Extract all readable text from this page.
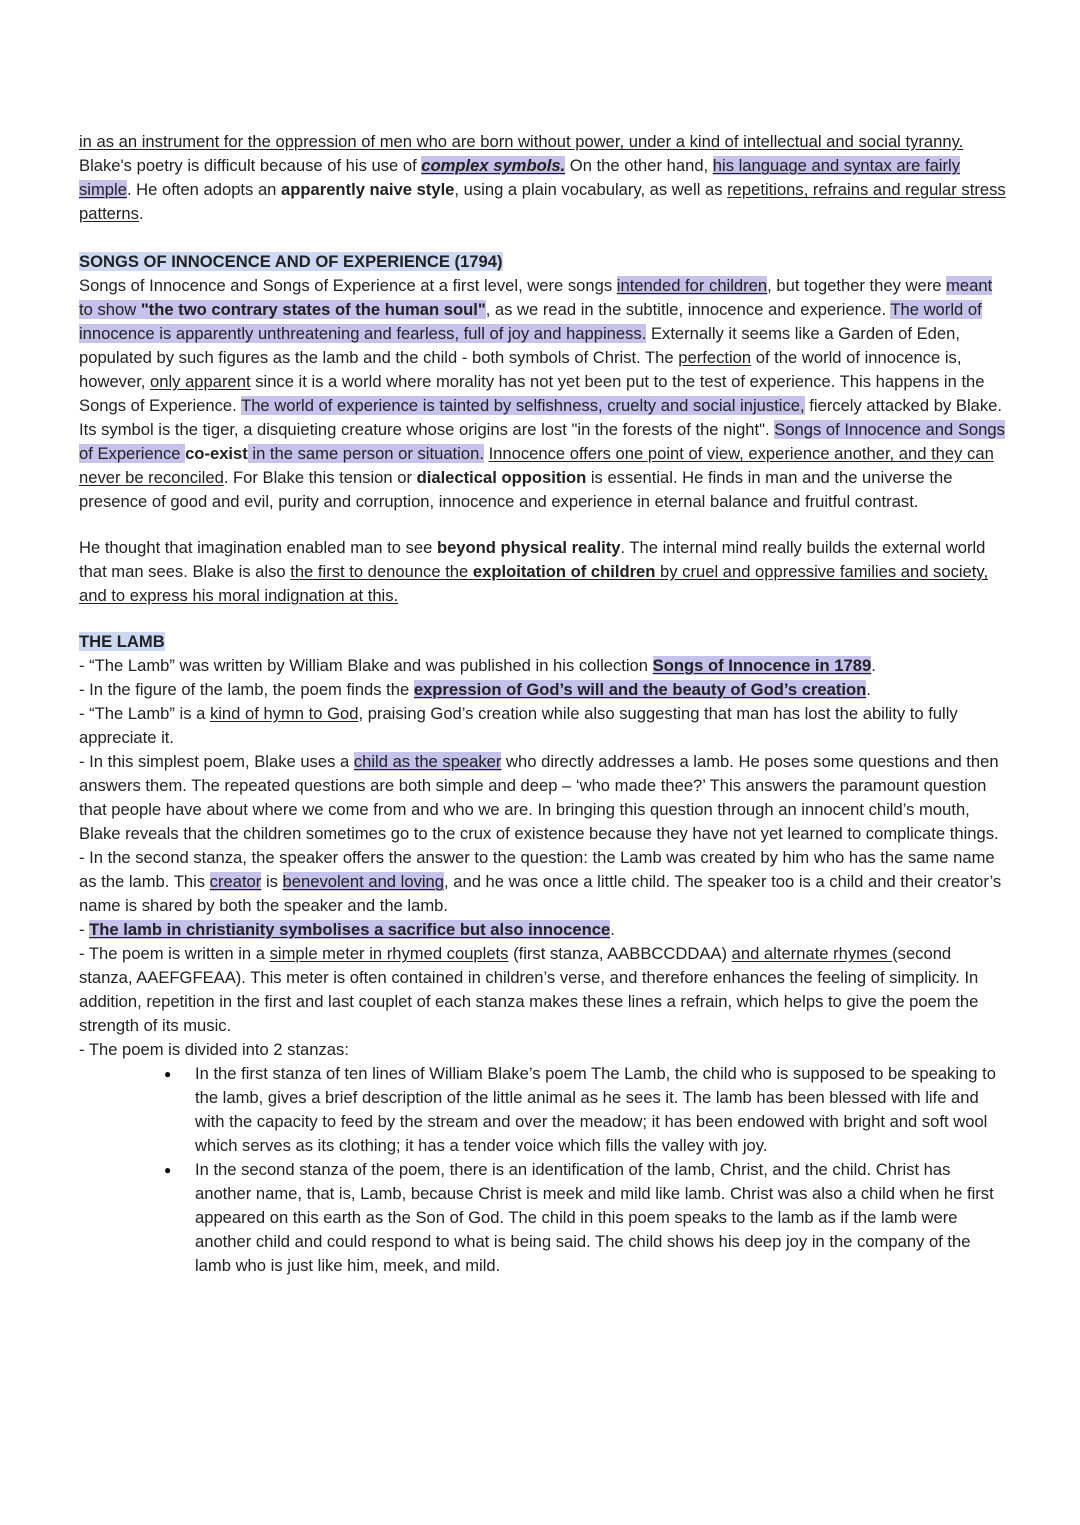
in as an instrument for the oppression of men who are born without power, under a kind of intellectual and social tyranny. Blake's poetry is difficult because of his use of complex symbols. On the other hand, his language and syntax are fairly simple. He often adopts an apparently naive style, using a plain vocabulary, as well as repetitions, refrains and regular stress patterns.

SONGS OF INNOCENCE AND OF EXPERIENCE (1794)

Songs of Innocence and Songs of Experience at a first level, were songs intended for children, but together they were meant to show "the two contrary states of the human soul", as we read in the subtitle, innocence and experience. The world of innocence is apparently unthreatening and fearless, full of joy and happiness. Externally it seems like a Garden of Eden, populated by such figures as the lamb and the child - both symbols of Christ. The perfection of the world of innocence is, however, only apparent since it is a world where morality has not yet been put to the test of experience. This happens in the Songs of Experience. The world of experience is tainted by selfishness, cruelty and social injustice, fiercely attacked by Blake. Its symbol is the tiger, a disquieting creature whose origins are lost "in the forests of the night". Songs of Innocence and Songs of Experience co-exist in the same person or situation. Innocence offers one point of view, experience another, and they can never be reconciled. For Blake this tension or dialectical opposition is essential. He finds in man and the universe the presence of good and evil, purity and corruption, innocence and experience in eternal balance and fruitful contrast.

He thought that imagination enabled man to see beyond physical reality. The internal mind really builds the external world that man sees. Blake is also the first to denounce the exploitation of children by cruel and oppressive families and society, and to express his moral indignation at this.

THE LAMB

- “The Lamb” was written by William Blake and was published in his collection Songs of Innocence in 1789.

- In the figure of the lamb, the poem finds the expression of God’s will and the beauty of God’s creation.

- “The Lamb” is a kind of hymn to God, praising God’s creation while also suggesting that man has lost the ability to fully appreciate it.

- In this simplest poem, Blake uses a child as the speaker who directly addresses a lamb. He poses some questions and then answers them. The repeated questions are both simple and deep – ‘who made thee?’ This answers the paramount question that people have about where we come from and who we are. In bringing this question through an innocent child’s mouth, Blake reveals that the children sometimes go to the crux of existence because they have not yet learned to complicate things.

- In the second stanza, the speaker offers the answer to the question: the Lamb was created by him who has the same name as the lamb. This creator is benevolent and loving, and he was once a little child. The speaker too is a child and their creator’s name is shared by both the speaker and the lamb.

- The lamb in christianity symbolises a sacrifice but also innocence.

- The poem is written in a simple meter in rhymed couplets (first stanza, AABBCCDDAA) and alternate rhymes (second stanza, AAEFGFEAA). This meter is often contained in children’s verse, and therefore enhances the feeling of simplicity. In addition, repetition in the first and last couplet of each stanza makes these lines a refrain, which helps to give the poem the strength of its music.

- The poem is divided into 2 stanzas:

● In the first stanza of ten lines of William Blake’s poem The Lamb, the child who is supposed to be speaking to the lamb, gives a brief description of the little animal as he sees it. The lamb has been blessed with life and with the capacity to feed by the stream and over the meadow; it has been endowed with bright and soft wool which serves as its clothing; it has a tender voice which fills the valley with joy.
● In the second stanza of the poem, there is an identification of the lamb, Christ, and the child. Christ has another name, that is, Lamb, because Christ is meek and mild like lamb. Christ was also a child when he first appeared on this earth as the Son of God. The child in this poem speaks to the lamb as if the lamb were another child and could respond to what is being said. The child shows his deep joy in the company of the lamb who is just like him, meek, and mild.
